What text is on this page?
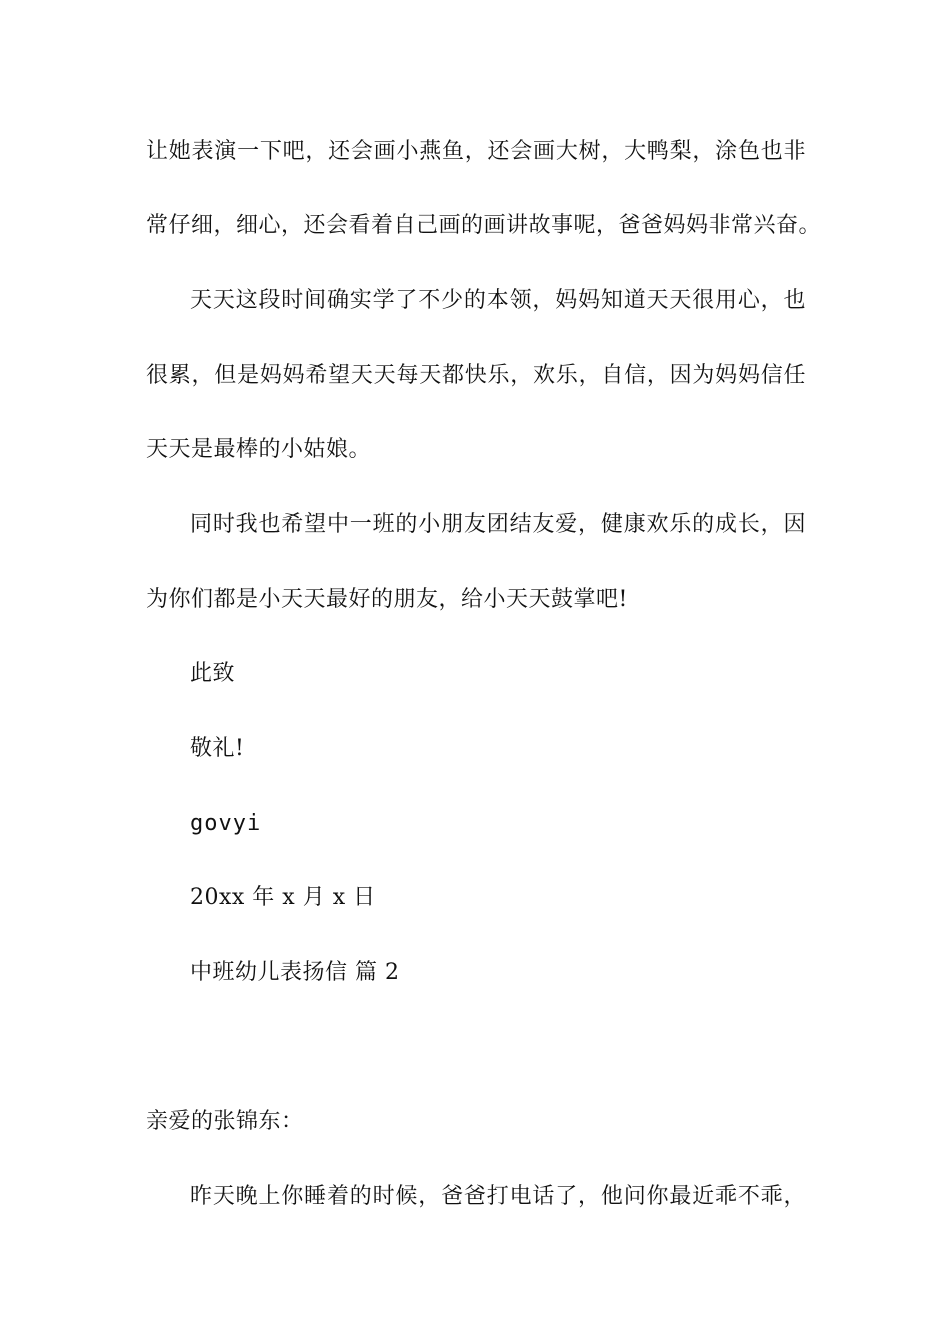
让她表演一下吧，还会画小燕鱼，还会画大树，大鸭梨，涂色也非
常仔细，细心，还会看着自己画的画讲故事呢，爸爸妈妈非常兴奋。
天天这段时间确实学了不少的本领，妈妈知道天天很用心，也
很累，但是妈妈希望天天每天都快乐，欢乐，自信，因为妈妈信任
天天是最棒的小姑娘。
同时我也希望中一班的小朋友团结友爱，健康欢乐的成长，因
为你们都是小天天最好的朋友，给小天天鼓掌吧!
此致
敬礼!
govyi
20xx 年 x 月 x 日
中班幼儿表扬信 篇 2
亲爱的张锦东：
昨天晚上你睡着的时候，爸爸打电话了，他问你最近乖不乖，
